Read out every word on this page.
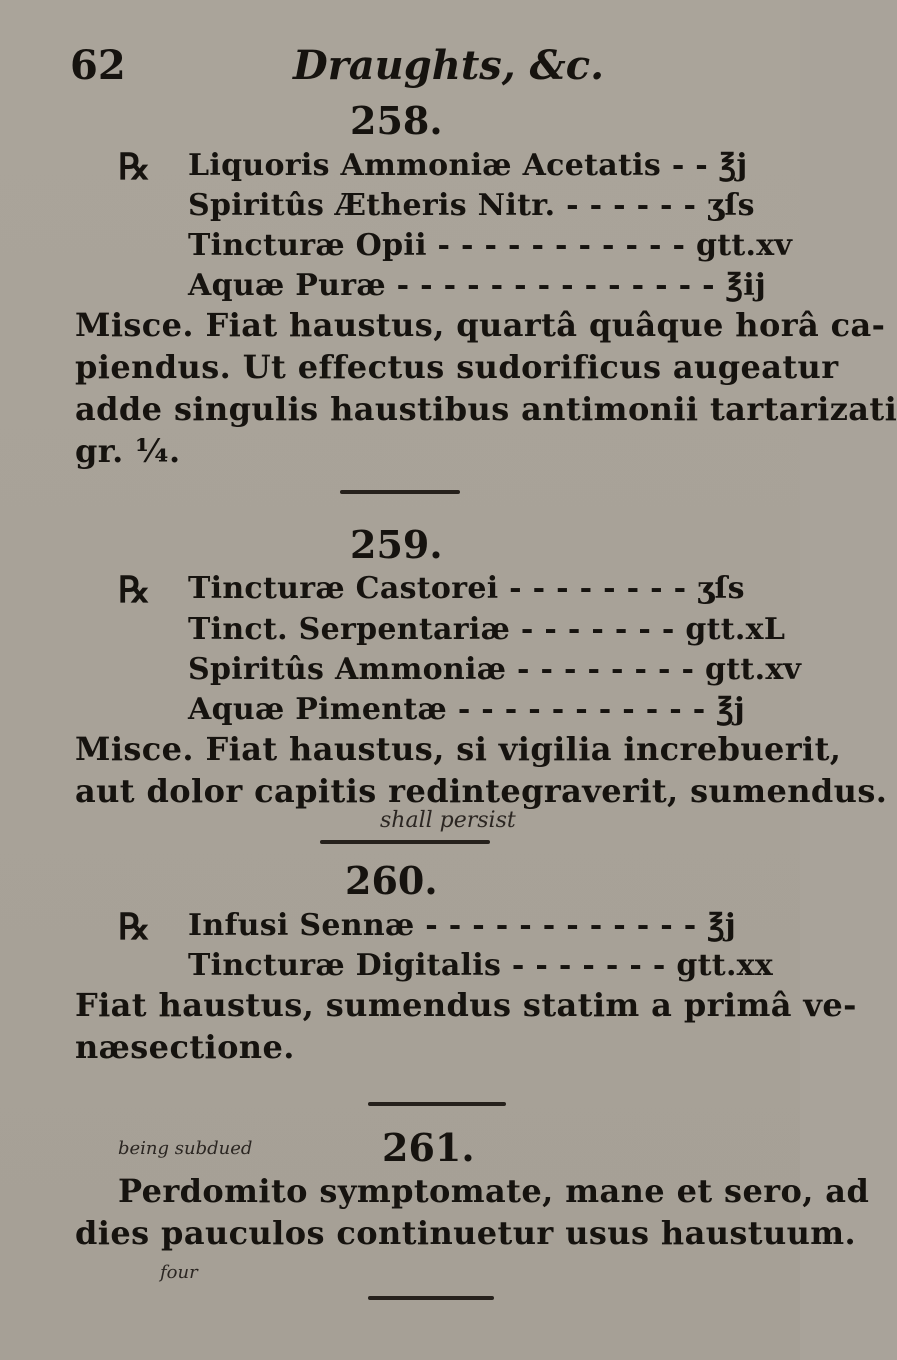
62	Draughts, &c.
258.
℞ Liquoris Ammoniæ Acetatis - - ℥j
Spiritûs Ætheris Nitr. - - - - - - ʒſs
Tincturæ Opii - - - - - - - - - - - gtt.xv
Aquæ Puræ - - - - - - - - - - - - - - ℥ij
Misce. Fiat haustus, quartâ quâque horâ ca-
piendus. Ut effectus sudorificus augeatur
adde singulis haustibus antimonii tartarizati
gr. ¼.
259.
℞ Tincturæ Castorei - - - - - - - - ʒſs
Tinct. Serpentariæ - - - - - - - gtt.xL
Spiritûs Ammoniæ - - - - - - - - gtt.xv
Aquæ Pimentæ - - - - - - - - - - - ℥j
Misce. Fiat haustus, si vigilia increbuerit,
aut dolor capitis redintegraverit, sumendus.
shall persist
260.
℞ Infusi Sennæ - - - - - - - - - - - - ℥j
Tincturæ Digitalis - - - - - - - gtt.xx
Fiat haustus, sumendus statim a primâ ve-
næsectione.
being subdued	261.
Perdomito symptomate, mane et sero, ad
dies pauculos continuetur usus haustuum.
four
